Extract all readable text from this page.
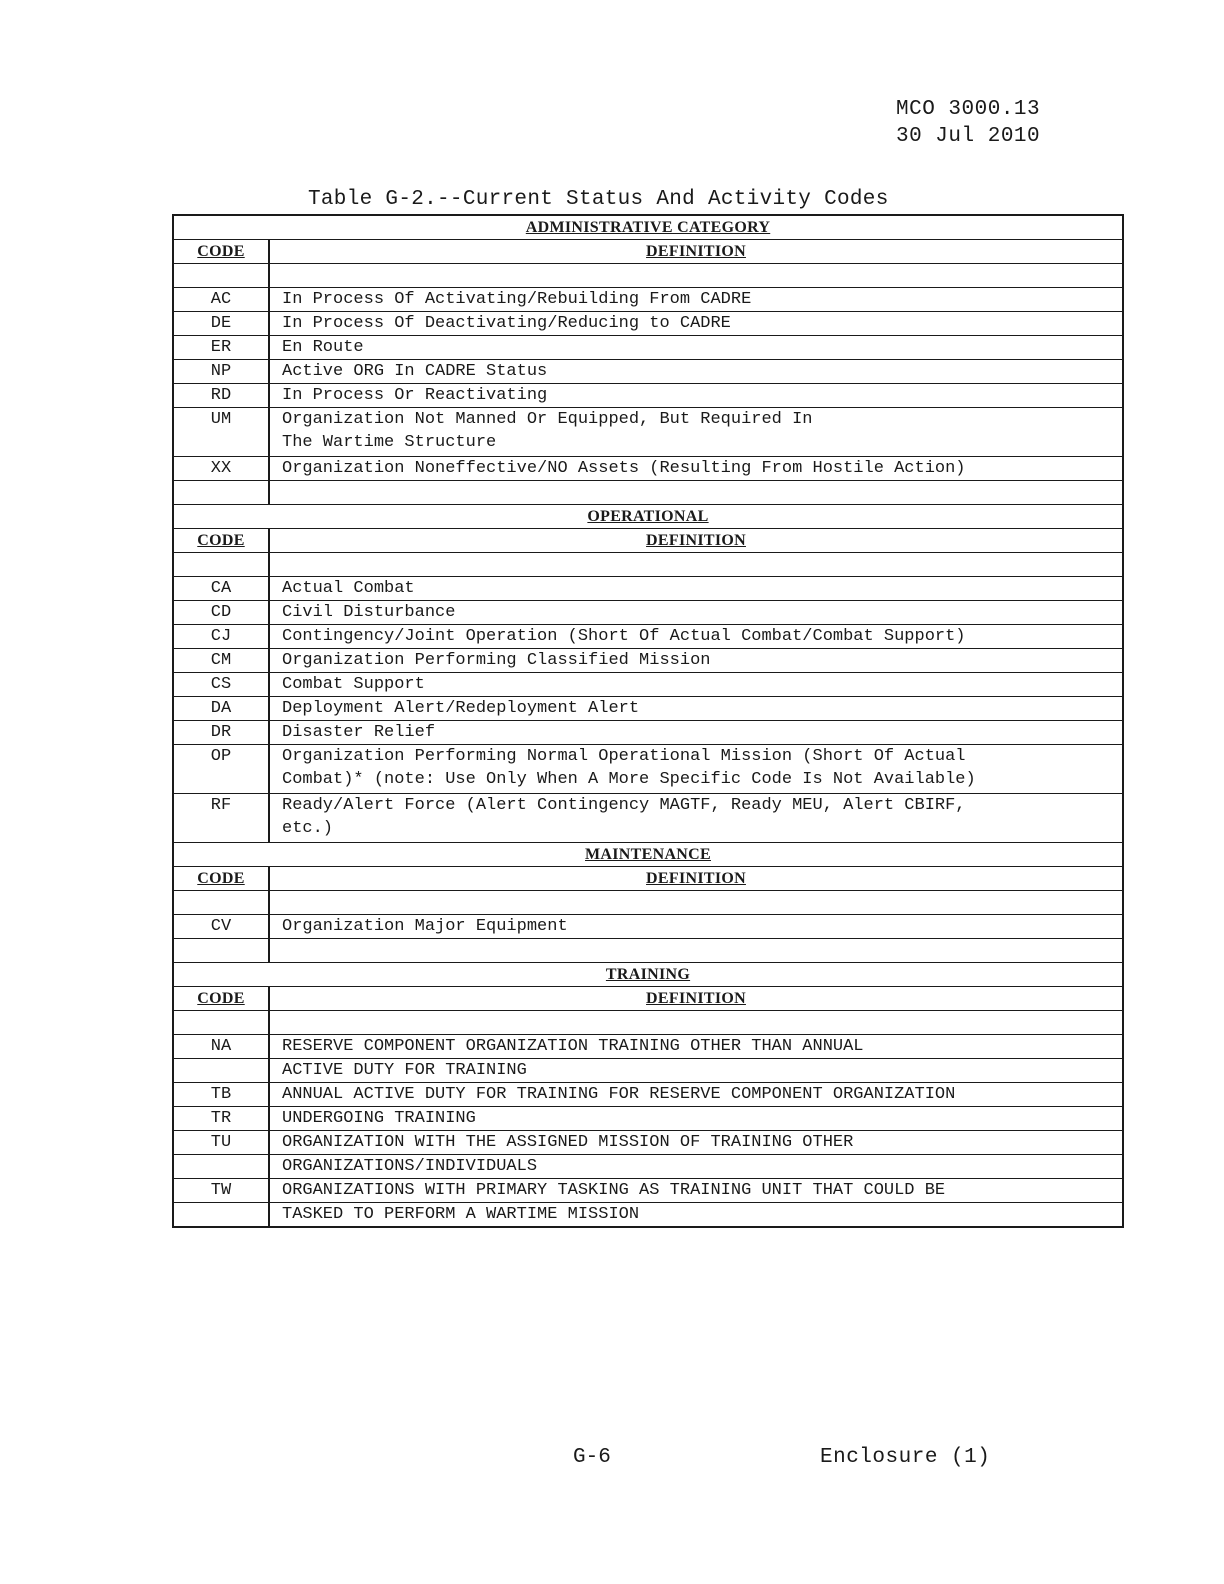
MCO 3000.13
30 Jul 2010
Table G-2.--Current Status And Activity Codes
ADMINISTRATIVE CATEGORY	
CODE	DEFINITION

AC	In Process Of Activating/Rebuilding From CADRE

DE	In Process Of Deactivating/Reducing to CADRE

ER	En Route

NP	Active ORG In CADRE Status

RD	In Process Or Reactivating

UM	Organization Not Manned Or Equipped, But Required In
The Wartime Structure

XX	Organization Noneffective/NO Assets (Resulting From Hostile Action)

OPERATIONAL	
CODE	DEFINITION

CA	Actual Combat

CD	Civil Disturbance

CJ	Contingency/Joint Operation (Short Of Actual Combat/Combat Support)

CM	Organization Performing Classified Mission

CS	Combat Support

DA	Deployment Alert/Redeployment Alert

DR	Disaster Relief

OP	Organization Performing Normal Operational Mission (Short Of Actual
Combat)* (note: Use Only When A More Specific Code Is Not Available)

RF	Ready/Alert Force (Alert Contingency MAGTF, Ready MEU, Alert CBIRF,
etc.)

MAINTENANCE	
CODE	DEFINITION

CV	Organization Major Equipment

TRAINING	
CODE	DEFINITION

NA	RESERVE COMPONENT ORGANIZATION TRAINING OTHER THAN ANNUAL

	ACTIVE DUTY FOR TRAINING

TB	ANNUAL ACTIVE DUTY FOR TRAINING FOR RESERVE COMPONENT ORGANIZATION

TR	UNDERGOING TRAINING

TU	ORGANIZATION WITH THE ASSIGNED MISSION OF TRAINING OTHER

	ORGANIZATIONS/INDIVIDUALS

TW	ORGANIZATIONS WITH PRIMARY TASKING AS TRAINING UNIT THAT COULD BE

	TASKED TO PERFORM A WARTIME MISSION
G-6	Enclosure (1)
